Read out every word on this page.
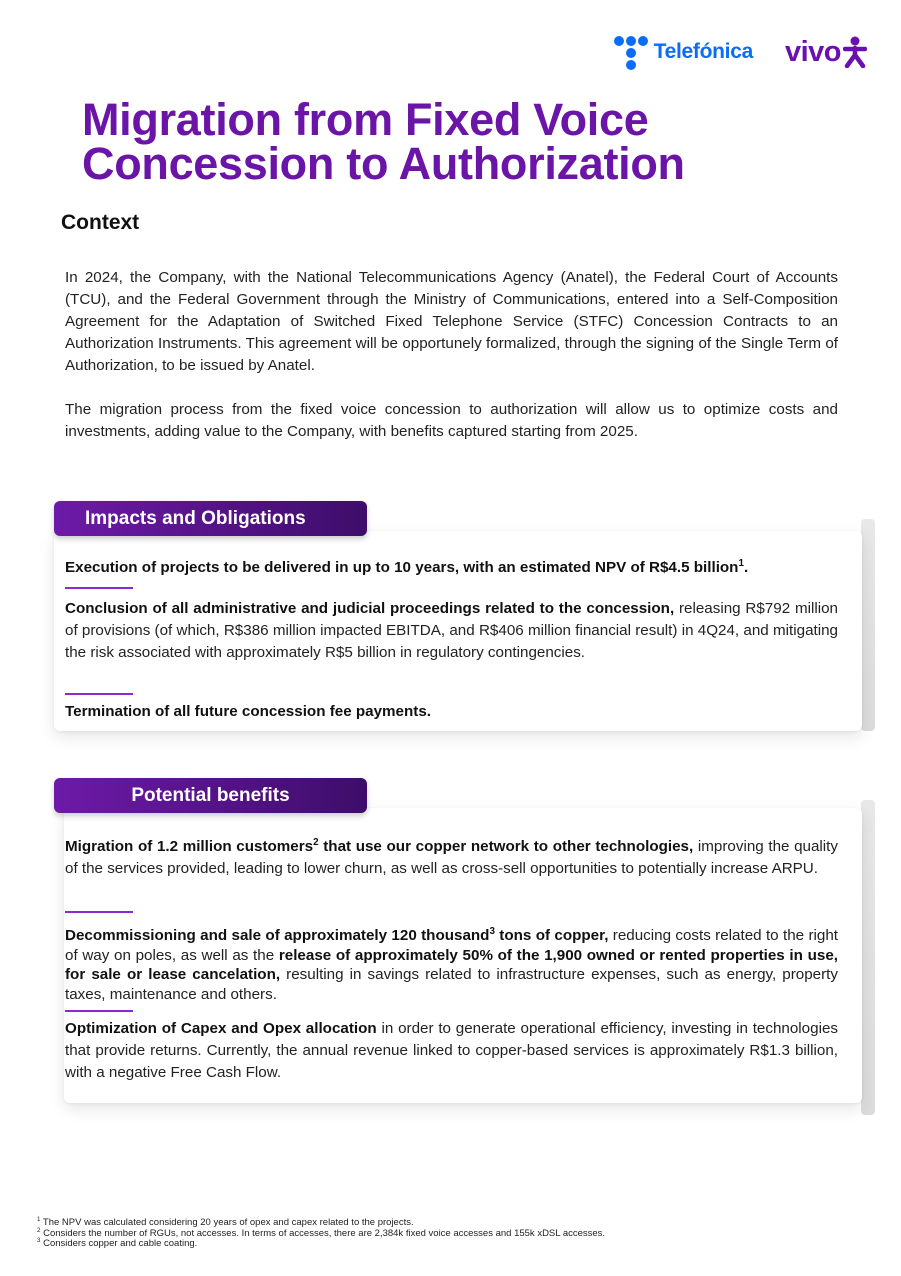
Telefónica vivo
Migration from Fixed Voice
Concession to Authorization
Context

In 2024, the Company, with the National Telecommunications Agency (Anatel), the Federal Court of Accounts (TCU), and the Federal Government through the Ministry of Communications, entered into a Self-Composition Agreement for the Adaptation of Switched Fixed Telephone Service (STFC) Concession Contracts to an Authorization Instruments. This agreement will be opportunely formalized, through the signing of the Single Term of Authorization, to be issued by Anatel.

The migration process from the fixed voice concession to authorization will allow us to optimize costs and investments, adding value to the Company, with benefits captured starting from 2025.

Impacts and Obligations

Execution of projects to be delivered in up to 10 years, with an estimated NPV of R$4.5 billion$^1$.

Conclusion of all administrative and judicial proceedings related to the concession, releasing R$792 million of provisions (of which, R$386 million impacted EBITDA, and R$406 million financial result) in 4Q24, and mitigating the risk associated with approximately R$5 billion in regulatory contingencies.

Termination of all future concession fee payments.

Potential benefits

Migration of 1.2 million customers$^2$ that use our copper network to other technologies, improving the quality of the services provided, leading to lower churn, as well as cross-sell opportunities to potentially increase ARPU.

Decommissioning and sale of approximately 120 thousand$^3$ tons of copper, reducing costs related to the right of way on poles, as well as the release of approximately 50% of the 1,900 owned or rented properties in use, for sale or lease cancelation, resulting in savings related to infrastructure expenses, such as energy, property taxes, maintenance and others.

Optimization of Capex and Opex allocation in order to generate operational efficiency, investing in technologies that provide returns. Currently, the annual revenue linked to copper-based services is approximately R$1.3 billion, with a negative Free Cash Flow.

$^1$ The NPV was calculated considering 20 years of opex and capex related to the projects.
$^2$ Considers the number of RGUs, not accesses. In terms of accesses, there are 2,384k fixed voice accesses and 155k xDSL accesses.
$^3$ Considers copper and cable coating.
